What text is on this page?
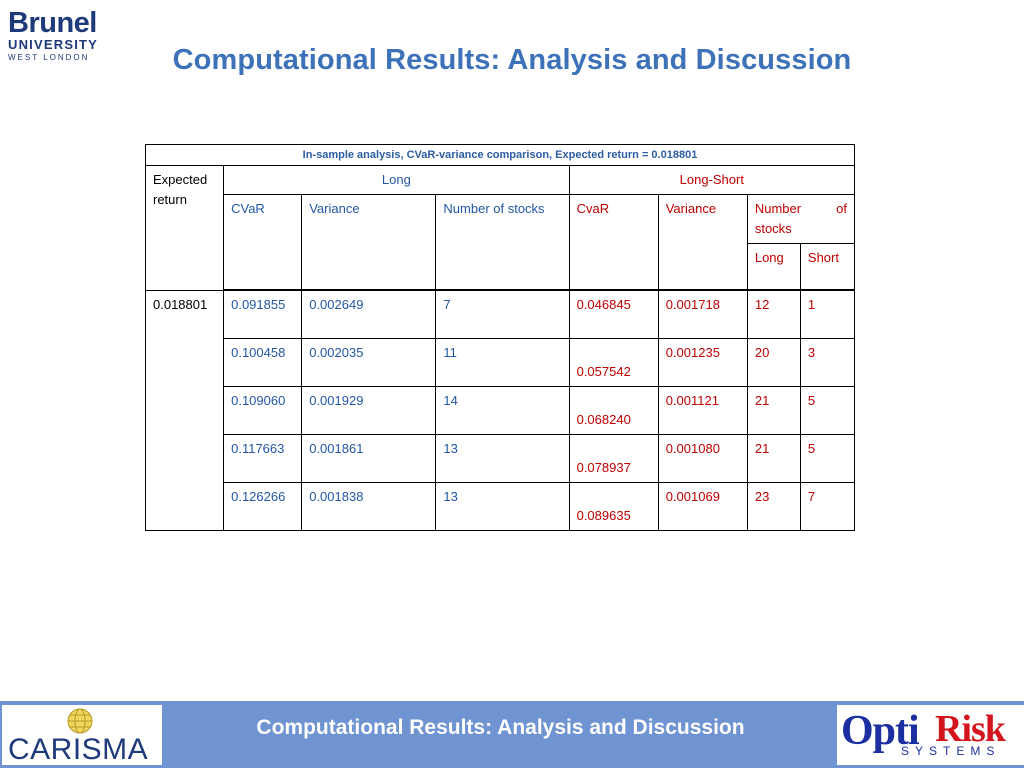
Brunel
UNIVERSITY
WEST LONDON	Computational Results: Analysis and Discussion
In-sample analysis, CVaR-variance comparison, Expected return = 0.018801							
Expected return	Long			Long-Short			
	CVaR	Variance	Number of stocks	CvaR	Variance	Number of stocks	
						Long	Short

0.018801	0.091855	0.002649	7	0.046845	0.001718	12	1
	0.100458	0.002035	11	0.057542	0.001235	20	3
	0.109060	0.001929	14	0.068240	0.001121	21	5
	0.117663	0.001861	13	0.078937	0.001080	21	5
	0.126266	0.001838	13	0.089635	0.001069	23	7
Computational Results: Analysis and Discussion
CARISMA	Opti Risk
SYSTEMS
